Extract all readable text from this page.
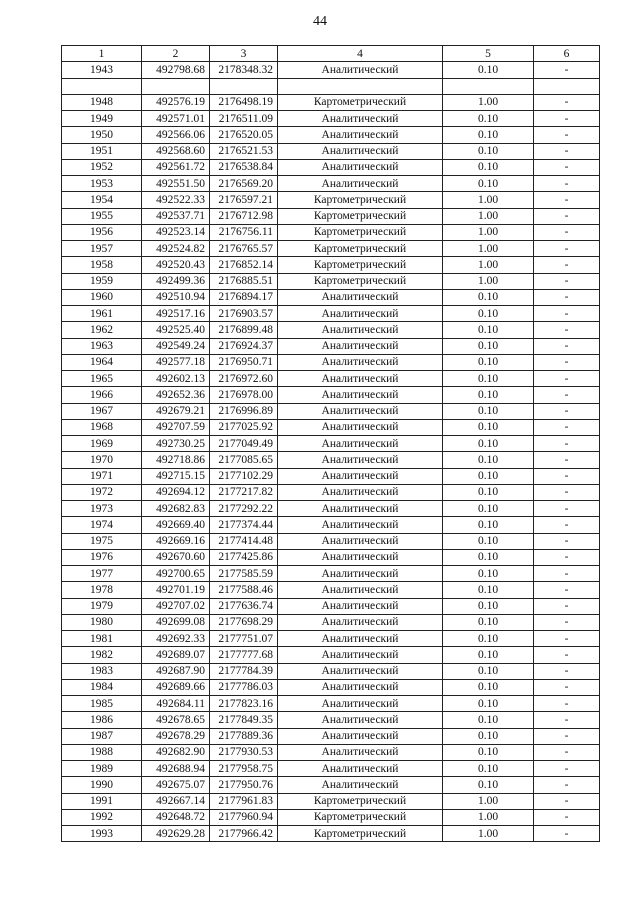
44
1	2	3	4	5	6
1943	492798.68	2178348.32	Аналитический	0.10	-

1948	492576.19	2176498.19	Картометрический	1.00	-
1949	492571.01	2176511.09	Аналитический	0.10	-
1950	492566.06	2176520.05	Аналитический	0.10	-
1951	492568.60	2176521.53	Аналитический	0.10	-
1952	492561.72	2176538.84	Аналитический	0.10	-
1953	492551.50	2176569.20	Аналитический	0.10	-
1954	492522.33	2176597.21	Картометрический	1.00	-
1955	492537.71	2176712.98	Картометрический	1.00	-
1956	492523.14	2176756.11	Картометрический	1.00	-
1957	492524.82	2176765.57	Картометрический	1.00	-
1958	492520.43	2176852.14	Картометрический	1.00	-
1959	492499.36	2176885.51	Картометрический	1.00	-
1960	492510.94	2176894.17	Аналитический	0.10	-
1961	492517.16	2176903.57	Аналитический	0.10	-
1962	492525.40	2176899.48	Аналитический	0.10	-
1963	492549.24	2176924.37	Аналитический	0.10	-
1964	492577.18	2176950.71	Аналитический	0.10	-
1965	492602.13	2176972.60	Аналитический	0.10	-
1966	492652.36	2176978.00	Аналитический	0.10	-
1967	492679.21	2176996.89	Аналитический	0.10	-
1968	492707.59	2177025.92	Аналитический	0.10	-
1969	492730.25	2177049.49	Аналитический	0.10	-
1970	492718.86	2177085.65	Аналитический	0.10	-
1971	492715.15	2177102.29	Аналитический	0.10	-
1972	492694.12	2177217.82	Аналитический	0.10	-
1973	492682.83	2177292.22	Аналитический	0.10	-
1974	492669.40	2177374.44	Аналитический	0.10	-
1975	492669.16	2177414.48	Аналитический	0.10	-
1976	492670.60	2177425.86	Аналитический	0.10	-
1977	492700.65	2177585.59	Аналитический	0.10	-
1978	492701.19	2177588.46	Аналитический	0.10	-
1979	492707.02	2177636.74	Аналитический	0.10	-
1980	492699.08	2177698.29	Аналитический	0.10	-
1981	492692.33	2177751.07	Аналитический	0.10	-
1982	492689.07	2177777.68	Аналитический	0.10	-
1983	492687.90	2177784.39	Аналитический	0.10	-
1984	492689.66	2177786.03	Аналитический	0.10	-
1985	492684.11	2177823.16	Аналитический	0.10	-
1986	492678.65	2177849.35	Аналитический	0.10	-
1987	492678.29	2177889.36	Аналитический	0.10	-
1988	492682.90	2177930.53	Аналитический	0.10	-
1989	492688.94	2177958.75	Аналитический	0.10	-
1990	492675.07	2177950.76	Аналитический	0.10	-
1991	492667.14	2177961.83	Картометрический	1.00	-
1992	492648.72	2177960.94	Картометрический	1.00	-
1993	492629.28	2177966.42	Картометрический	1.00	-
